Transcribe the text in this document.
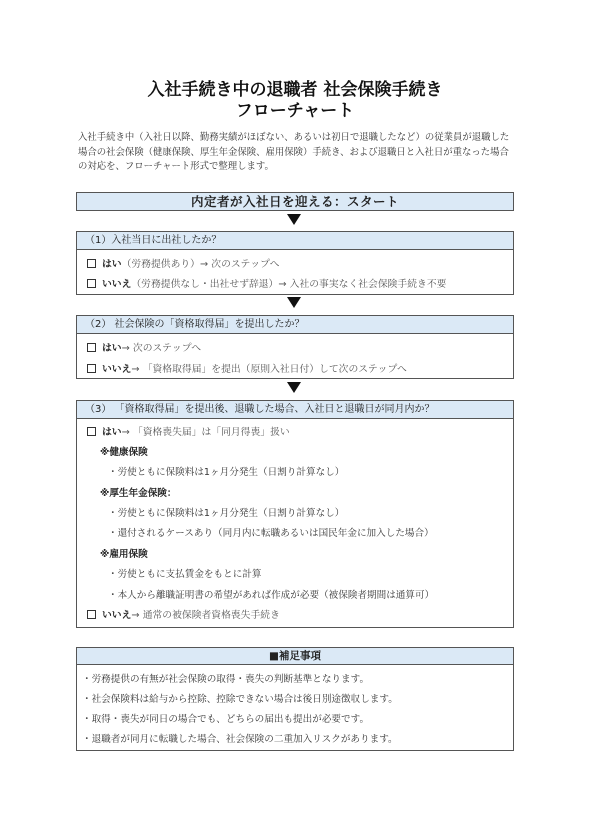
入社手続き中の退職者 社会保険手続き
フローチャート
入社手続き中（入社日以降、勤務実績がほぼない、あるいは初日で退職したなど）の従業員が退職した場合の社会保険（健康保険、厚生年金保険、雇用保険）手続き、および退職日と入社日が重なった場合の対応を、フローチャート形式で整理します。
内定者が入社日を迎える：スタート
（1）入社当日に出社したか？
はい（労務提供あり）→ 次のステップへ
いいえ（労務提供なし・出社せず辞退）→ 入社の事実なく社会保険手続き不要
（2） 社会保険の「資格取得届」を提出したか？
はい→ 次のステップへ
いいえ→ 「資格取得届」を提出（原則入社日付）して次のステップへ
（3） 「資格取得届」を提出後、退職した場合、入社日と退職日が同月内か？
はい→ 「資格喪失届」は「同月得喪」扱い
※健康保険
・労使ともに保険料は1ヶ月分発生（日割り計算なし）
※厚生年金保険：
・労使ともに保険料は1ヶ月分発生（日割り計算なし）
・還付されるケースあり（同月内に転職あるいは国民年金に加入した場合）
※雇用保険
・労使ともに支払賃金をもとに計算
・本人から離職証明書の希望があれば作成が必要（被保険者期間は通算可）
いいえ→ 通常の被保険者資格喪失手続き
■補足事項
・労務提供の有無が社会保険の取得・喪失の判断基準となります。
・社会保険料は給与から控除、控除できない場合は後日別途徴収します。
・取得・喪失が同日の場合でも、どちらの届出も提出が必要です。
・退職者が同月に転職した場合、社会保険の二重加入リスクがあります。
